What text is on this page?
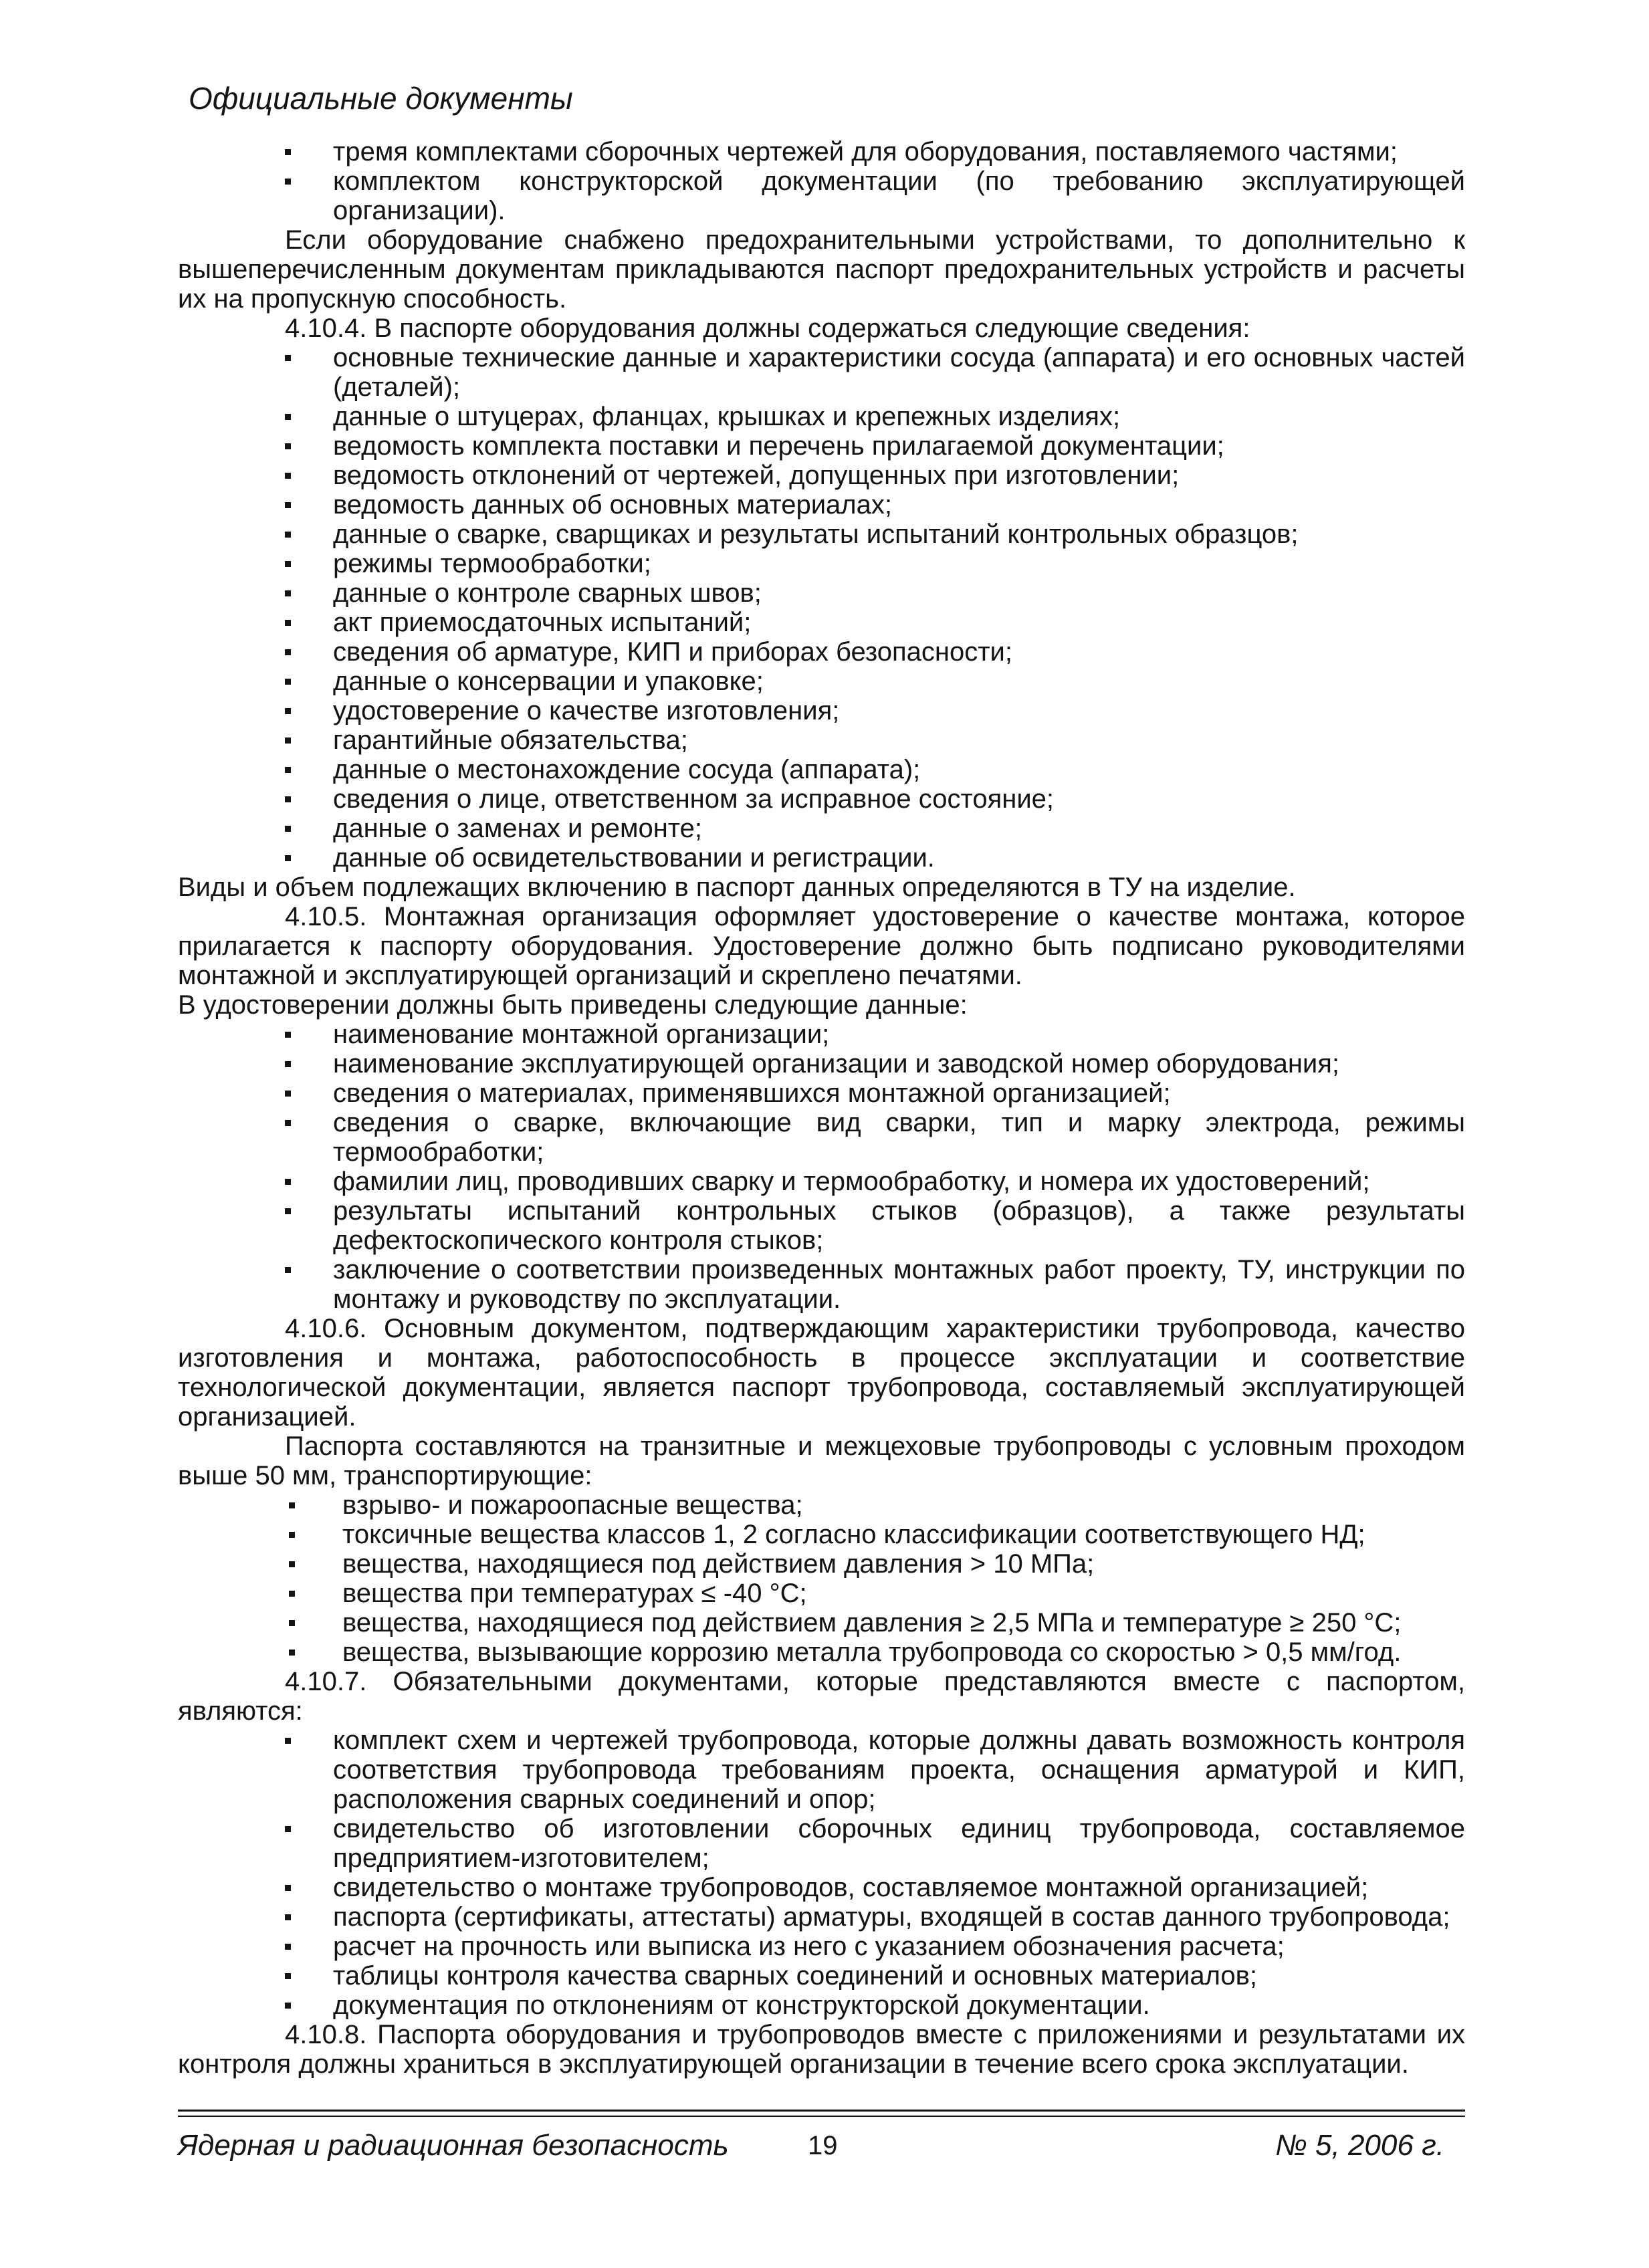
Официальные документы
тремя комплектами сборочных чертежей для оборудования, поставляемого частями;
комплектом конструкторской документации (по требованию эксплуатирующей организации).

Если оборудование снабжено предохранительными устройствами, то дополнительно к вышеперечисленным документам прикладываются паспорт предохранительных устройств и расчеты их на пропускную способность.

4.10.4. В паспорте оборудования должны содержаться следующие сведения:

основные технические данные и характеристики сосуда (аппарата) и его основных частей (деталей);
данные о штуцерах, фланцах, крышках и крепежных изделиях;
ведомость комплекта поставки и перечень прилагаемой документации;
ведомость отклонений от чертежей, допущенных при изготовлении;
ведомость данных об основных материалах;
данные о сварке, сварщиках и результаты испытаний контрольных образцов;
режимы термообработки;
данные о контроле сварных швов;
акт приемосдаточных испытаний;
сведения об арматуре, КИП и приборах безопасности;
данные о консервации и упаковке;
удостоверение о качестве изготовления;
гарантийные обязательства;
данные о местонахождение сосуда (аппарата);
сведения о лице, ответственном за исправное состояние;
данные о заменах и ремонте;
данные об освидетельствовании и регистрации.

Виды и объем подлежащих включению в паспорт данных определяются в ТУ на изделие.

4.10.5. Монтажная организация оформляет удостоверение о качестве монтажа, которое прилагается к паспорту оборудования. Удостоверение должно быть подписано руководителями монтажной и эксплуатирующей организаций и скреплено печатями.

В удостоверении должны быть приведены следующие данные:

наименование монтажной организации;
наименование эксплуатирующей организации и заводской номер оборудования;
сведения о материалах, применявшихся монтажной организацией;
сведения о сварке, включающие вид сварки, тип и марку электрода, режимы термообработки;
фамилии лиц, проводивших сварку и термообработку, и номера их удостоверений;
результаты испытаний контрольных стыков (образцов), а также результаты дефектоскопического контроля стыков;
заключение о соответствии произведенных монтажных работ проекту, ТУ, инструкции по монтажу и руководству по эксплуатации.

4.10.6. Основным документом, подтверждающим характеристики трубопровода, качество изготовления и монтажа, работоспособность в процессе эксплуатации и соответствие технологической документации, является паспорт трубопровода, составляемый эксплуатирующей организацией.

Паспорта составляются на транзитные и межцеховые трубопроводы с условным проходом выше 50 мм, транспортирующие:

взрыво- и пожароопасные вещества;
токсичные вещества классов 1, 2 согласно классификации соответствующего НД;
вещества, находящиеся под действием давления > 10 МПа;
вещества при температурах ≤ -40 °С;
вещества, находящиеся под действием давления ≥ 2,5 МПа и температуре ≥ 250 °С;
вещества, вызывающие коррозию металла трубопровода со скоростью > 0,5 мм/год.

4.10.7. Обязательными документами, которые представляются вместе с паспортом, являются:

комплект схем и чертежей трубопровода, которые должны давать возможность контроля соответствия трубопровода требованиям проекта, оснащения арматурой и КИП, расположения сварных соединений и опор;
свидетельство об изготовлении сборочных единиц трубопровода, составляемое предприятием-изготовителем;
свидетельство о монтаже трубопроводов, составляемое монтажной организацией;
паспорта (сертификаты, аттестаты) арматуры, входящей в состав данного трубопровода;
расчет на прочность или выписка из него с указанием обозначения расчета;
таблицы контроля качества сварных соединений и основных материалов;
документация по отклонениям от конструкторской документации.

4.10.8. Паспорта оборудования и трубопроводов вместе с приложениями и результатами их контроля должны храниться в эксплуатирующей организации в течение всего срока эксплуатации.

Ядерная и радиационная безопасность	19	№ 5, 2006 г.
